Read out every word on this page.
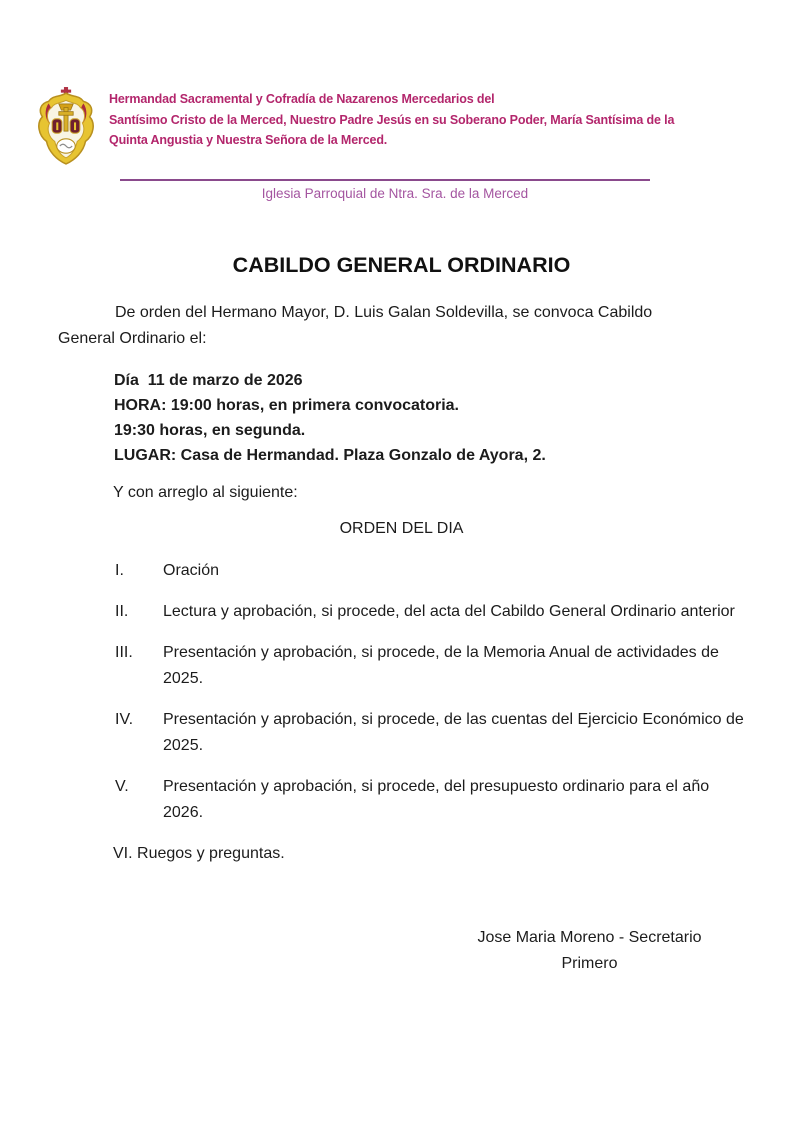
Hermandad Sacramental y Cofradía de Nazarenos Mercedarios del
Santísimo Cristo de la Merced, Nuestro Padre Jesús en su Soberano Poder, María Santísima de la
Quinta Angustia y Nuestra Señora de la Merced.
Iglesia Parroquial de Ntra. Sra. de la Merced
CABILDO GENERAL ORDINARIO

De orden del Hermano Mayor, D. Luis Galan Soldevilla, se convoca Cabildo General Ordinario el:

Día  11 de marzo de 2026
HORA: 19:00 horas, en primera convocatoria.
19:30 horas, en segunda.
LUGAR: Casa de Hermandad. Plaza Gonzalo de Ayora, 2.

Y con arreglo al siguiente:

ORDEN DEL DIA
I.	Oración
II.	Lectura y aprobación, si procede, del acta del Cabildo General Ordinario anterior
III.	Presentación y aprobación, si procede, de la Memoria Anual de actividades de 2025.
IV.	Presentación y aprobación, si procede, de las cuentas del Ejercicio Económico de 2025.
V.	Presentación y aprobación, si procede, del presupuesto ordinario para el año 2026.

VI. Ruegos y preguntas.

Jose Maria Moreno - Secretario
Primero
